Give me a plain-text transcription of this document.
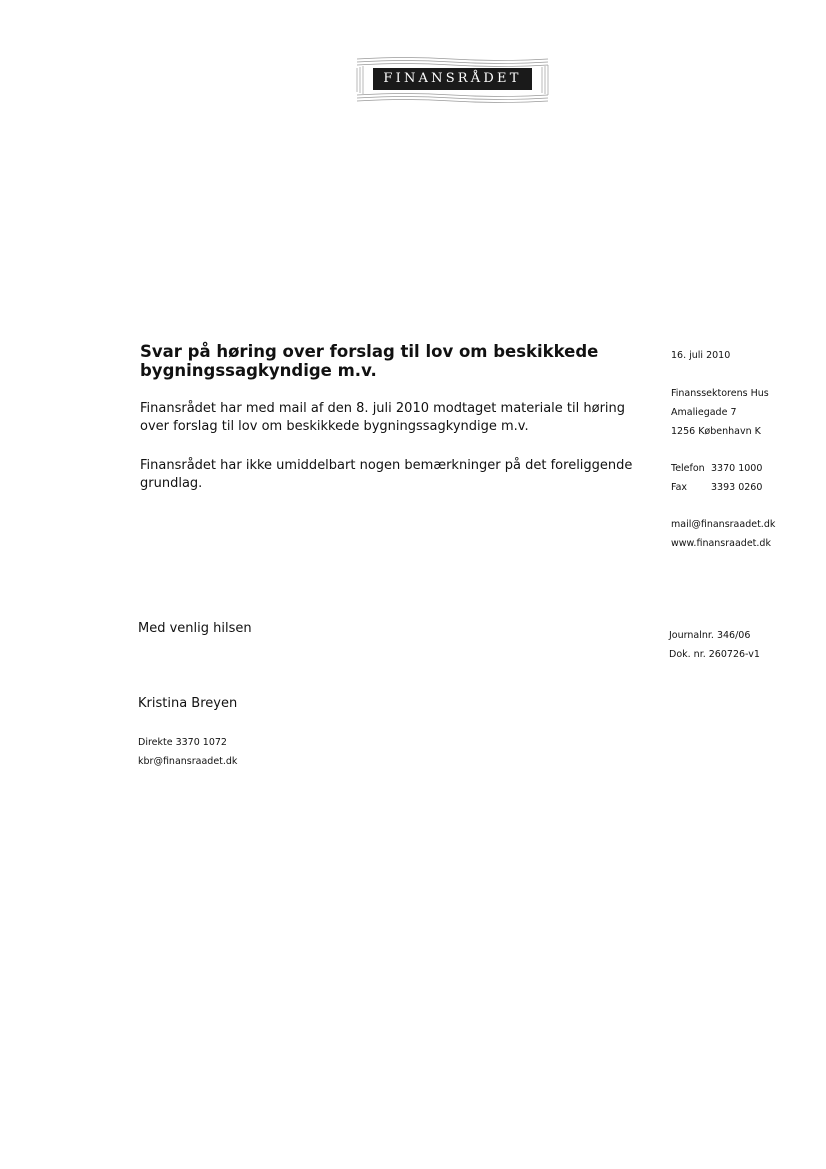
FINANSRÅDET
Svar på høring over forslag til lov om beskikkede bygningssagkyndige m.v.

Finansrådet har med mail af den 8. juli 2010 modtaget materiale til høring over forslag til lov om beskikkede bygningssagkyndige m.v.

Finansrådet har ikke umiddelbart nogen bemærkninger på det foreliggende grundlag.

Med venlig hilsen
Kristina Breyen
Direkte 3370 1072
kbr@finansraadet.dk
16. juli 2010
Finanssektorens Hus
Amaliegade 7
1256 København K
Telefon 3370 1000
Fax	3393 0260
mail@finansraadet.dk
www.finansraadet.dk
Journalnr. 346/06
Dok. nr. 260726-v1
